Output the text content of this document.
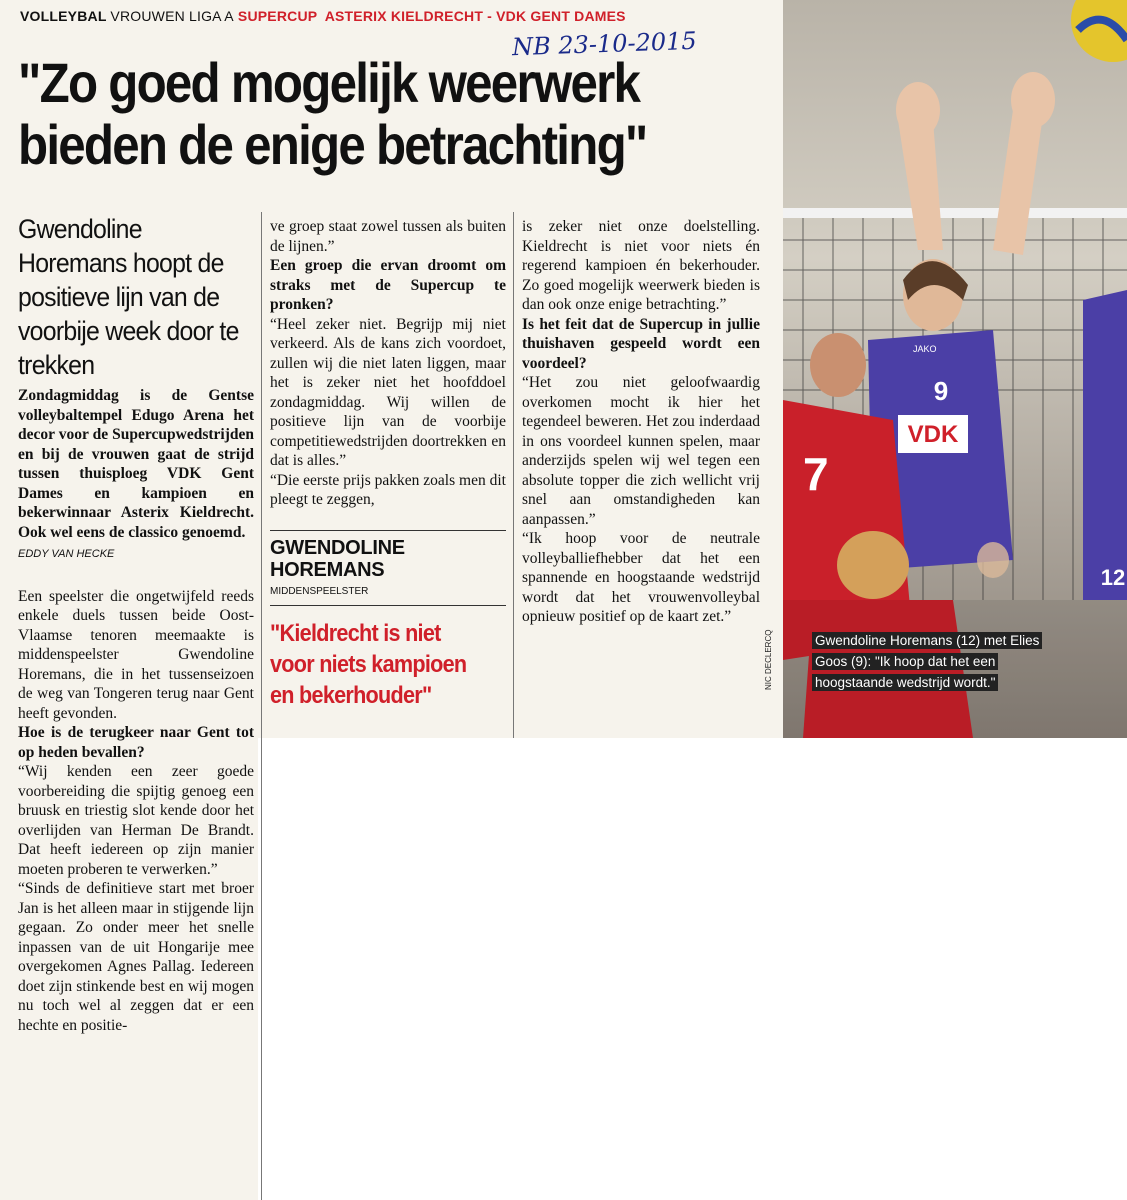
VOLLEYBAL VROUWEN LIGA A SUPERCUP  ASTERIX KIELDRECHT - VDK GENT DAMES
NB 23-10-2015
"Zo goed mogelijk weerwerk bieden de enige betrachting"
Gwendoline Horemans hoopt de positieve lijn van de voorbije week door te trekken

Zondagmiddag is de Gentse volleybaltempel Edugo Arena het decor voor de Supercupwedstrijden en bij de vrouwen gaat de strijd tussen thuisploeg VDK Gent Dames en kampioen en bekerwinnaar Asterix Kieldrecht. Ook wel eens de classico genoemd.

EDDY VAN HECKE

Een speelster die ongetwijfeld reeds enkele duels tussen beide Oost-Vlaamse tenoren meemaakte is middenspeelster Gwendoline Horemans, die in het tussenseizoen de weg van Tongeren terug naar Gent heeft gevonden.

Hoe is de terugkeer naar Gent tot op heden bevallen?

“Wij kenden een zeer goede voorbereiding die spijtig genoeg een bruusk en triestig slot kende door het overlijden van Herman De Brandt. Dat heeft iedereen op zijn manier moeten proberen te verwerken.”

“Sinds de definitieve start met broer Jan is het alleen maar in stijgende lijn gegaan. Zo onder meer het snelle inpassen van de uit Hongarije mee overgekomen Agnes Pallag. Iedereen doet zijn stinkende best en wij mogen nu toch wel al zeggen dat er een hechte en positie-

ve groep staat zowel tussen als buiten de lijnen.”

Een groep die ervan droomt om straks met de Supercup te pronken?

“Heel zeker niet. Begrijp mij niet verkeerd. Als de kans zich voordoet, zullen wij die niet laten liggen, maar het is zeker niet het hoofddoel zondagmiddag. Wij willen de positieve lijn van de voorbije competitiewedstrijden doortrekken en dat is alles.”

“Die eerste prijs pakken zoals men dit pleegt te zeggen,

GWENDOLINE HOREMANS
MIDDENSPEELSTER
"Kieldrecht is niet voor niets kampioen en bekerhouder"

is zeker niet onze doelstelling. Kieldrecht is niet voor niets én regerend kampioen én bekerhouder. Zo goed mogelijk weerwerk bieden is dan ook onze enige betrachting.”

Is het feit dat de Supercup in jullie thuishaven gespeeld wordt een voordeel?

“Het zou niet geloofwaardig overkomen mocht ik hier het tegendeel beweren. Het zou inderdaad in ons voordeel kunnen spelen, maar anderzijds spelen wij wel tegen een absolute topper die zich wellicht vrij snel aan omstandigheden kan aanpassen.”

“Ik hoop voor de neutrale volleyballiefhebber dat het een spannende en hoogstaande wedstrijd wordt dat het vrouwenvolleybal opnieuw positief op de kaart zet.”

VDK
9
JAKO
12
7
Gwendoline Horemans (12) met Elies Goos (9): "Ik hoop dat het een hoogstaande wedstrijd wordt."
NIC DECLERCQ
